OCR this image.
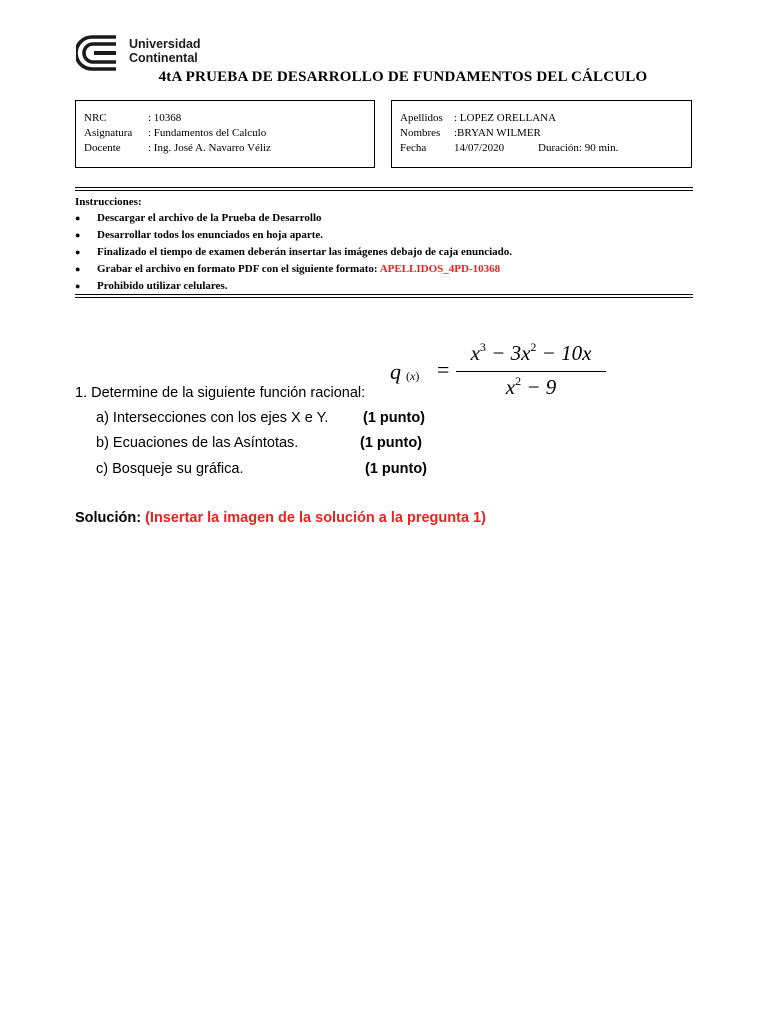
Universidad
Continental
4tA PRUEBA DE DESARROLLO DE FUNDAMENTOS DEL CÁLCULO
NRC	: 10368
Asignatura : Fundamentos del Calculo
Docente : Ing. José A. Navarro Véliz
Apellidos : LOPEZ ORELLANA
Nombres :BRYAN WILMER
Fecha	14/07/2020	Duración: 90 min.
Instrucciones:
● Descargar el archivo de la Prueba de Desarrollo
● Desarrollar todos los enunciados en hoja aparte.
● Finalizado el tiempo de examen deberán insertar las imágenes debajo de caja enunciado.
● Grabar el archivo en formato PDF con el siguiente formato: APELLIDOS_4PD-10368
● Prohibido utilizar celulares.
q (x) =
$x^3 - 3x^2 - 10x$
$x^2 - 9$
1. Determine de la siguiente función racional:
a) Intersecciones con los ejes X e Y. (1 punto)
b) Ecuaciones de las Asíntotas.	(1 punto)
c) Bosqueje su gráfica.	(1 punto)
Solución: (Insertar la imagen de la solución a la pregunta 1)
